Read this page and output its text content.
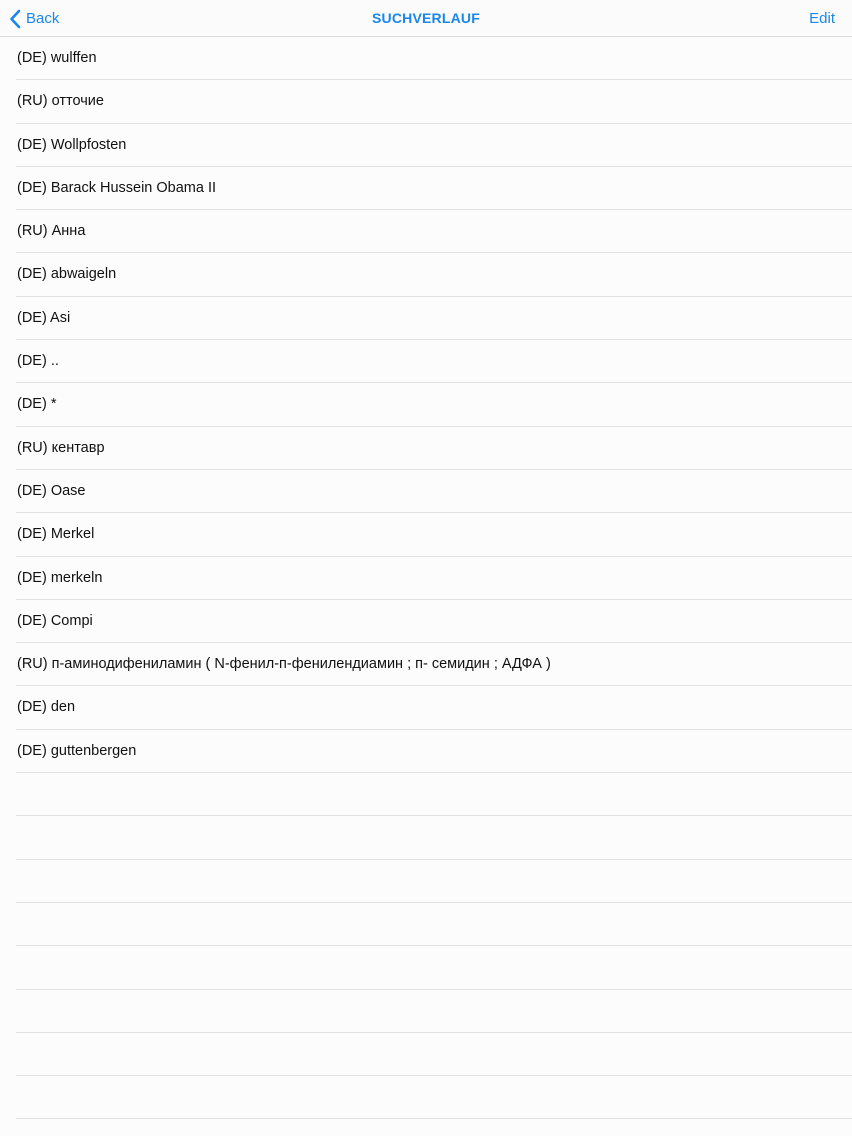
Back	SUCHVERLAUF	Edit
(DE) wulffen
(RU) отточие
(DE) Wollpfosten
(DE) Barack Hussein Obama II
(RU) Анна
(DE) abwaigeln
(DE) Asi
(DE) ..
(DE) *
(RU) кентавр
(DE) Oase
(DE) Merkel
(DE) merkeln
(DE) Compi
(RU) п-аминодифениламин ( N-фенил-п-фенилендиамин ; п- семидин ; АДФА )
(DE) den
(DE) guttenbergen
